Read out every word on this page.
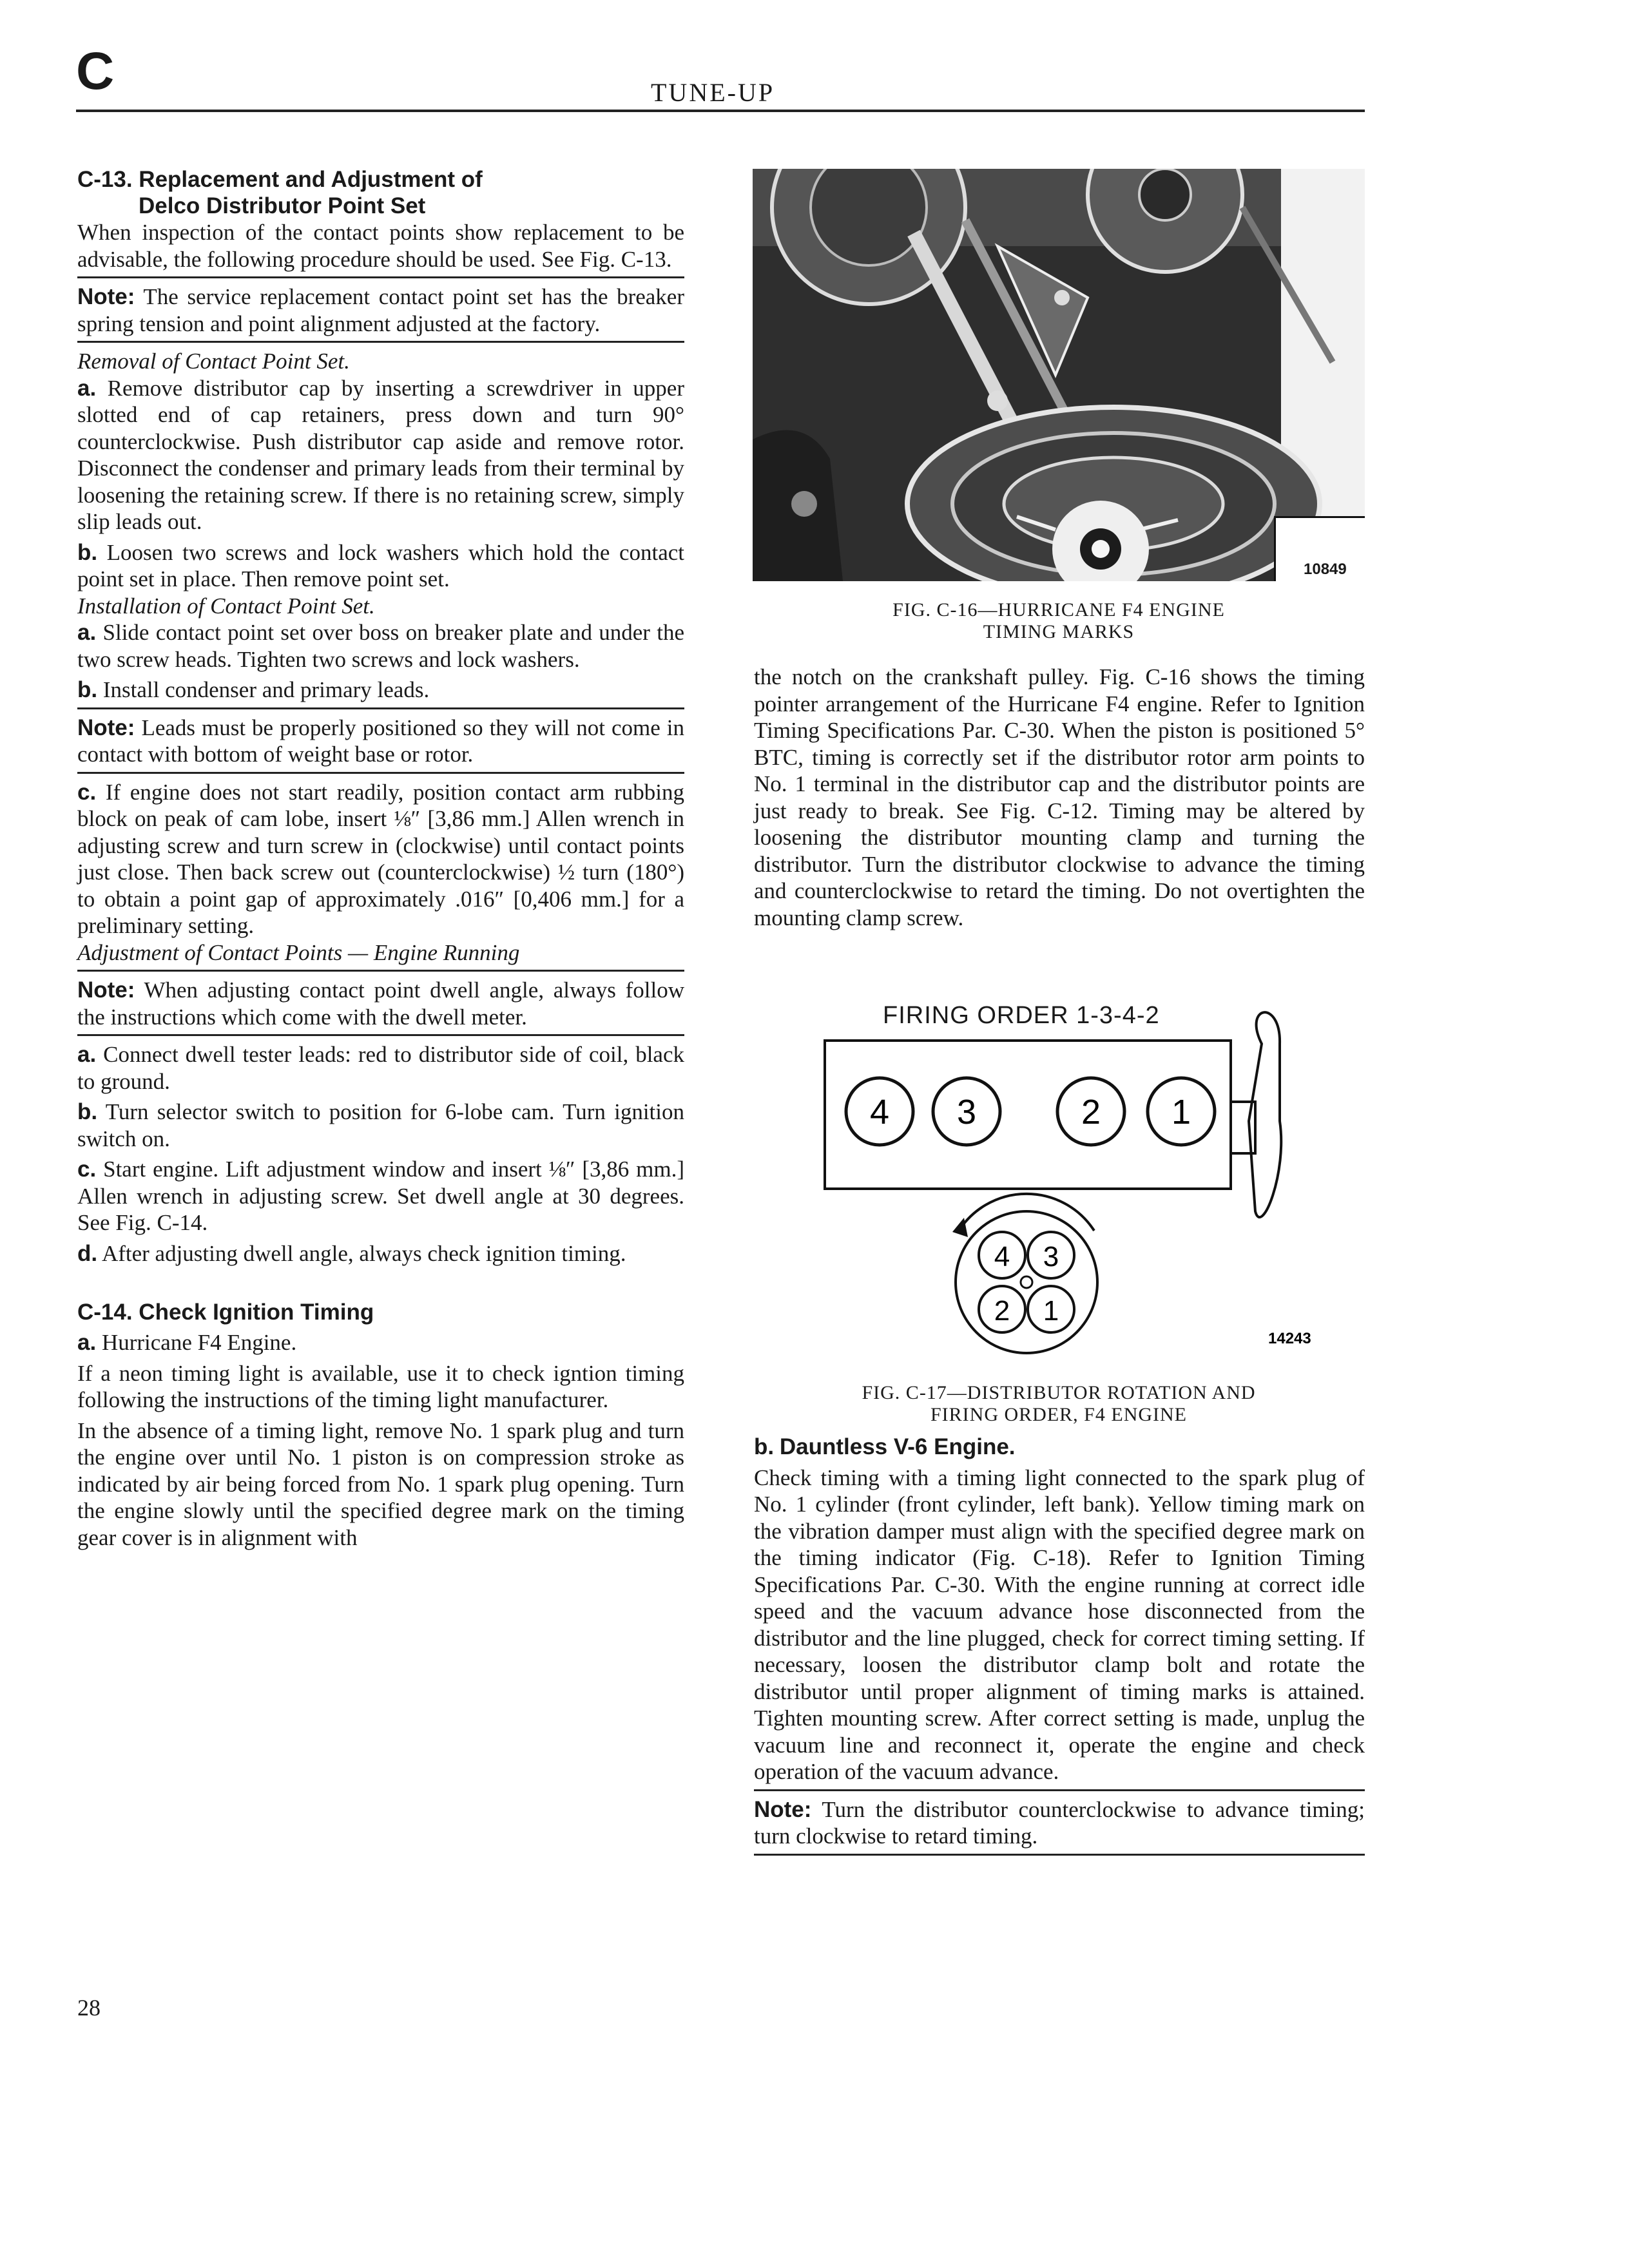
C	TUNE-UP
C-13. Replacement and Adjustment of
Delco Distributor Point Set

When inspection of the contact points show replacement to be advisable, the following procedure should be used. See Fig. C-13.

Note: The service replacement contact point set has the breaker spring tension and point alignment adjusted at the factory.

Removal of Contact Point Set.

a. Remove distributor cap by inserting a screwdriver in upper slotted end of cap retainers, press down and turn 90° counterclockwise. Push distributor cap aside and remove rotor. Disconnect the condenser and primary leads from their terminal by loosening the retaining screw. If there is no retaining screw, simply slip leads out.

b. Loosen two screws and lock washers which hold the contact point set in place. Then remove point set.

Installation of Contact Point Set.

a. Slide contact point set over boss on breaker plate and under the two screw heads. Tighten two screws and lock washers.

b. Install condenser and primary leads.

Note: Leads must be properly positioned so they will not come in contact with bottom of weight base or rotor.

c. If engine does not start readily, position contact arm rubbing block on peak of cam lobe, insert ⅛″ [3,86 mm.] Allen wrench in adjusting screw and turn screw in (clockwise) until contact points just close. Then back screw out (counterclockwise) ½ turn (180°) to obtain a point gap of approximately .016″ [0,406 mm.] for a preliminary setting.

Adjustment of Contact Points — Engine Running

Note: When adjusting contact point dwell angle, always follow the instructions which come with the dwell meter.

a. Connect dwell tester leads: red to distributor side of coil, black to ground.

b. Turn selector switch to position for 6-lobe cam. Turn ignition switch on.

c. Start engine. Lift adjustment window and insert ⅛″ [3,86 mm.] Allen wrench in adjusting screw. Set dwell angle at 30 degrees. See Fig. C-14.

d. After adjusting dwell angle, always check ignition timing.

C-14. Check Ignition Timing

a. Hurricane F4 Engine.

If a neon timing light is available, use it to check igntion timing following the instructions of the timing light manufacturer.

In the absence of a timing light, remove No. 1 spark plug and turn the engine over until No. 1 piston is on compression stroke as indicated by air being forced from No. 1 spark plug opening. Turn the engine slowly until the specified degree mark on the timing gear cover is in alignment with

10849
FIG. C-16—HURRICANE F4 ENGINE
TIMING MARKS

the notch on the crankshaft pulley. Fig. C-16 shows the timing pointer arrangement of the Hurricane F4 engine. Refer to Ignition Timing Specifications Par. C-30. When the piston is positioned 5° BTC, timing is correctly set if the distributor rotor arm points to No. 1 terminal in the distributor cap and the distributor points are just ready to break. See Fig. C-12. Timing may be altered by loosening the distributor mounting clamp and turning the distributor. Turn the distributor clockwise to advance the timing and counterclockwise to retard the timing. Do not overtighten the mounting clamp screw.

FIRING ORDER 1-3-4-2
4 3	2 1
4 3
2 1
14243
FIG. C-17—DISTRIBUTOR ROTATION AND
FIRING ORDER, F4 ENGINE

b. Dauntless V-6 Engine.

Check timing with a timing light connected to the spark plug of No. 1 cylinder (front cylinder, left bank). Yellow timing mark on the vibration damper must align with the specified degree mark on the timing indicator (Fig. C-18). Refer to Ignition Timing Specifications Par. C-30. With the engine running at correct idle speed and the vacuum advance hose disconnected from the distributor and the line plugged, check for correct timing setting. If necessary, loosen the distributor clamp bolt and rotate the distributor until proper alignment of timing marks is attained. Tighten mounting screw. After correct setting is made, unplug the vacuum line and reconnect it, operate the engine and check operation of the vacuum advance.

Note: Turn the distributor counterclockwise to advance timing; turn clockwise to retard timing.

28
